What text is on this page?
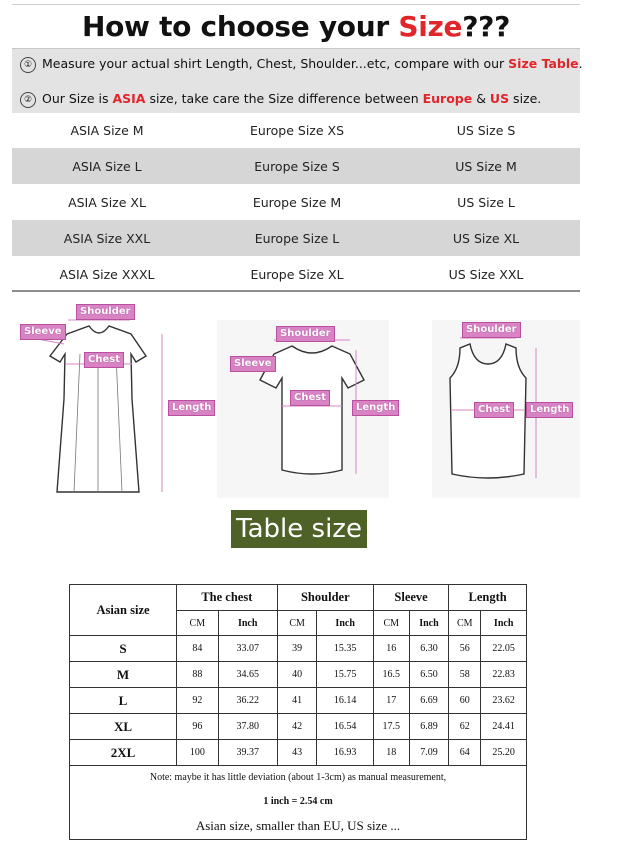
How to choose your Size???
① Measure your actual shirt Length, Chest, Shoulder...etc, compare with our Size Table.
② Our Size is ASIA size, take care the Size difference between Europe & US size.
ASIA Size M	Europe Size XS	US Size S
ASIA Size L	Europe Size S	US Size M
ASIA Size XL	Europe Size M	US Size L
ASIA Size XXL	Europe Size L	US Size XL
ASIA Size XXXL	Europe Size XL	US Size XXL
Shoulder
Sleeve
Chest
Length
Shoulder
Sleeve
Chest
Length
Shoulder
Chest	Length
Table size
Asian size	The chest		Shoulder		Sleeve		Length	
	CM	Inch	CM	Inch	CM	Inch	CM	Inch
S	84	33.07	39	15.35	16	6.30	56	22.05
M	88	34.65	40	15.75	16.5	6.50	58	22.83
L	92	36.22	41	16.14	17	6.69	60	23.62
XL	96	37.80	42	16.54	17.5	6.89	62	24.41
2XL	100	39.37	43	16.93	18	7.09	64	25.20
Note: maybe it has little deviation (about 1-3cm) as manual measurement,								
1 inch = 2.54 cm								
Asian size, smaller than EU, US size ...								
